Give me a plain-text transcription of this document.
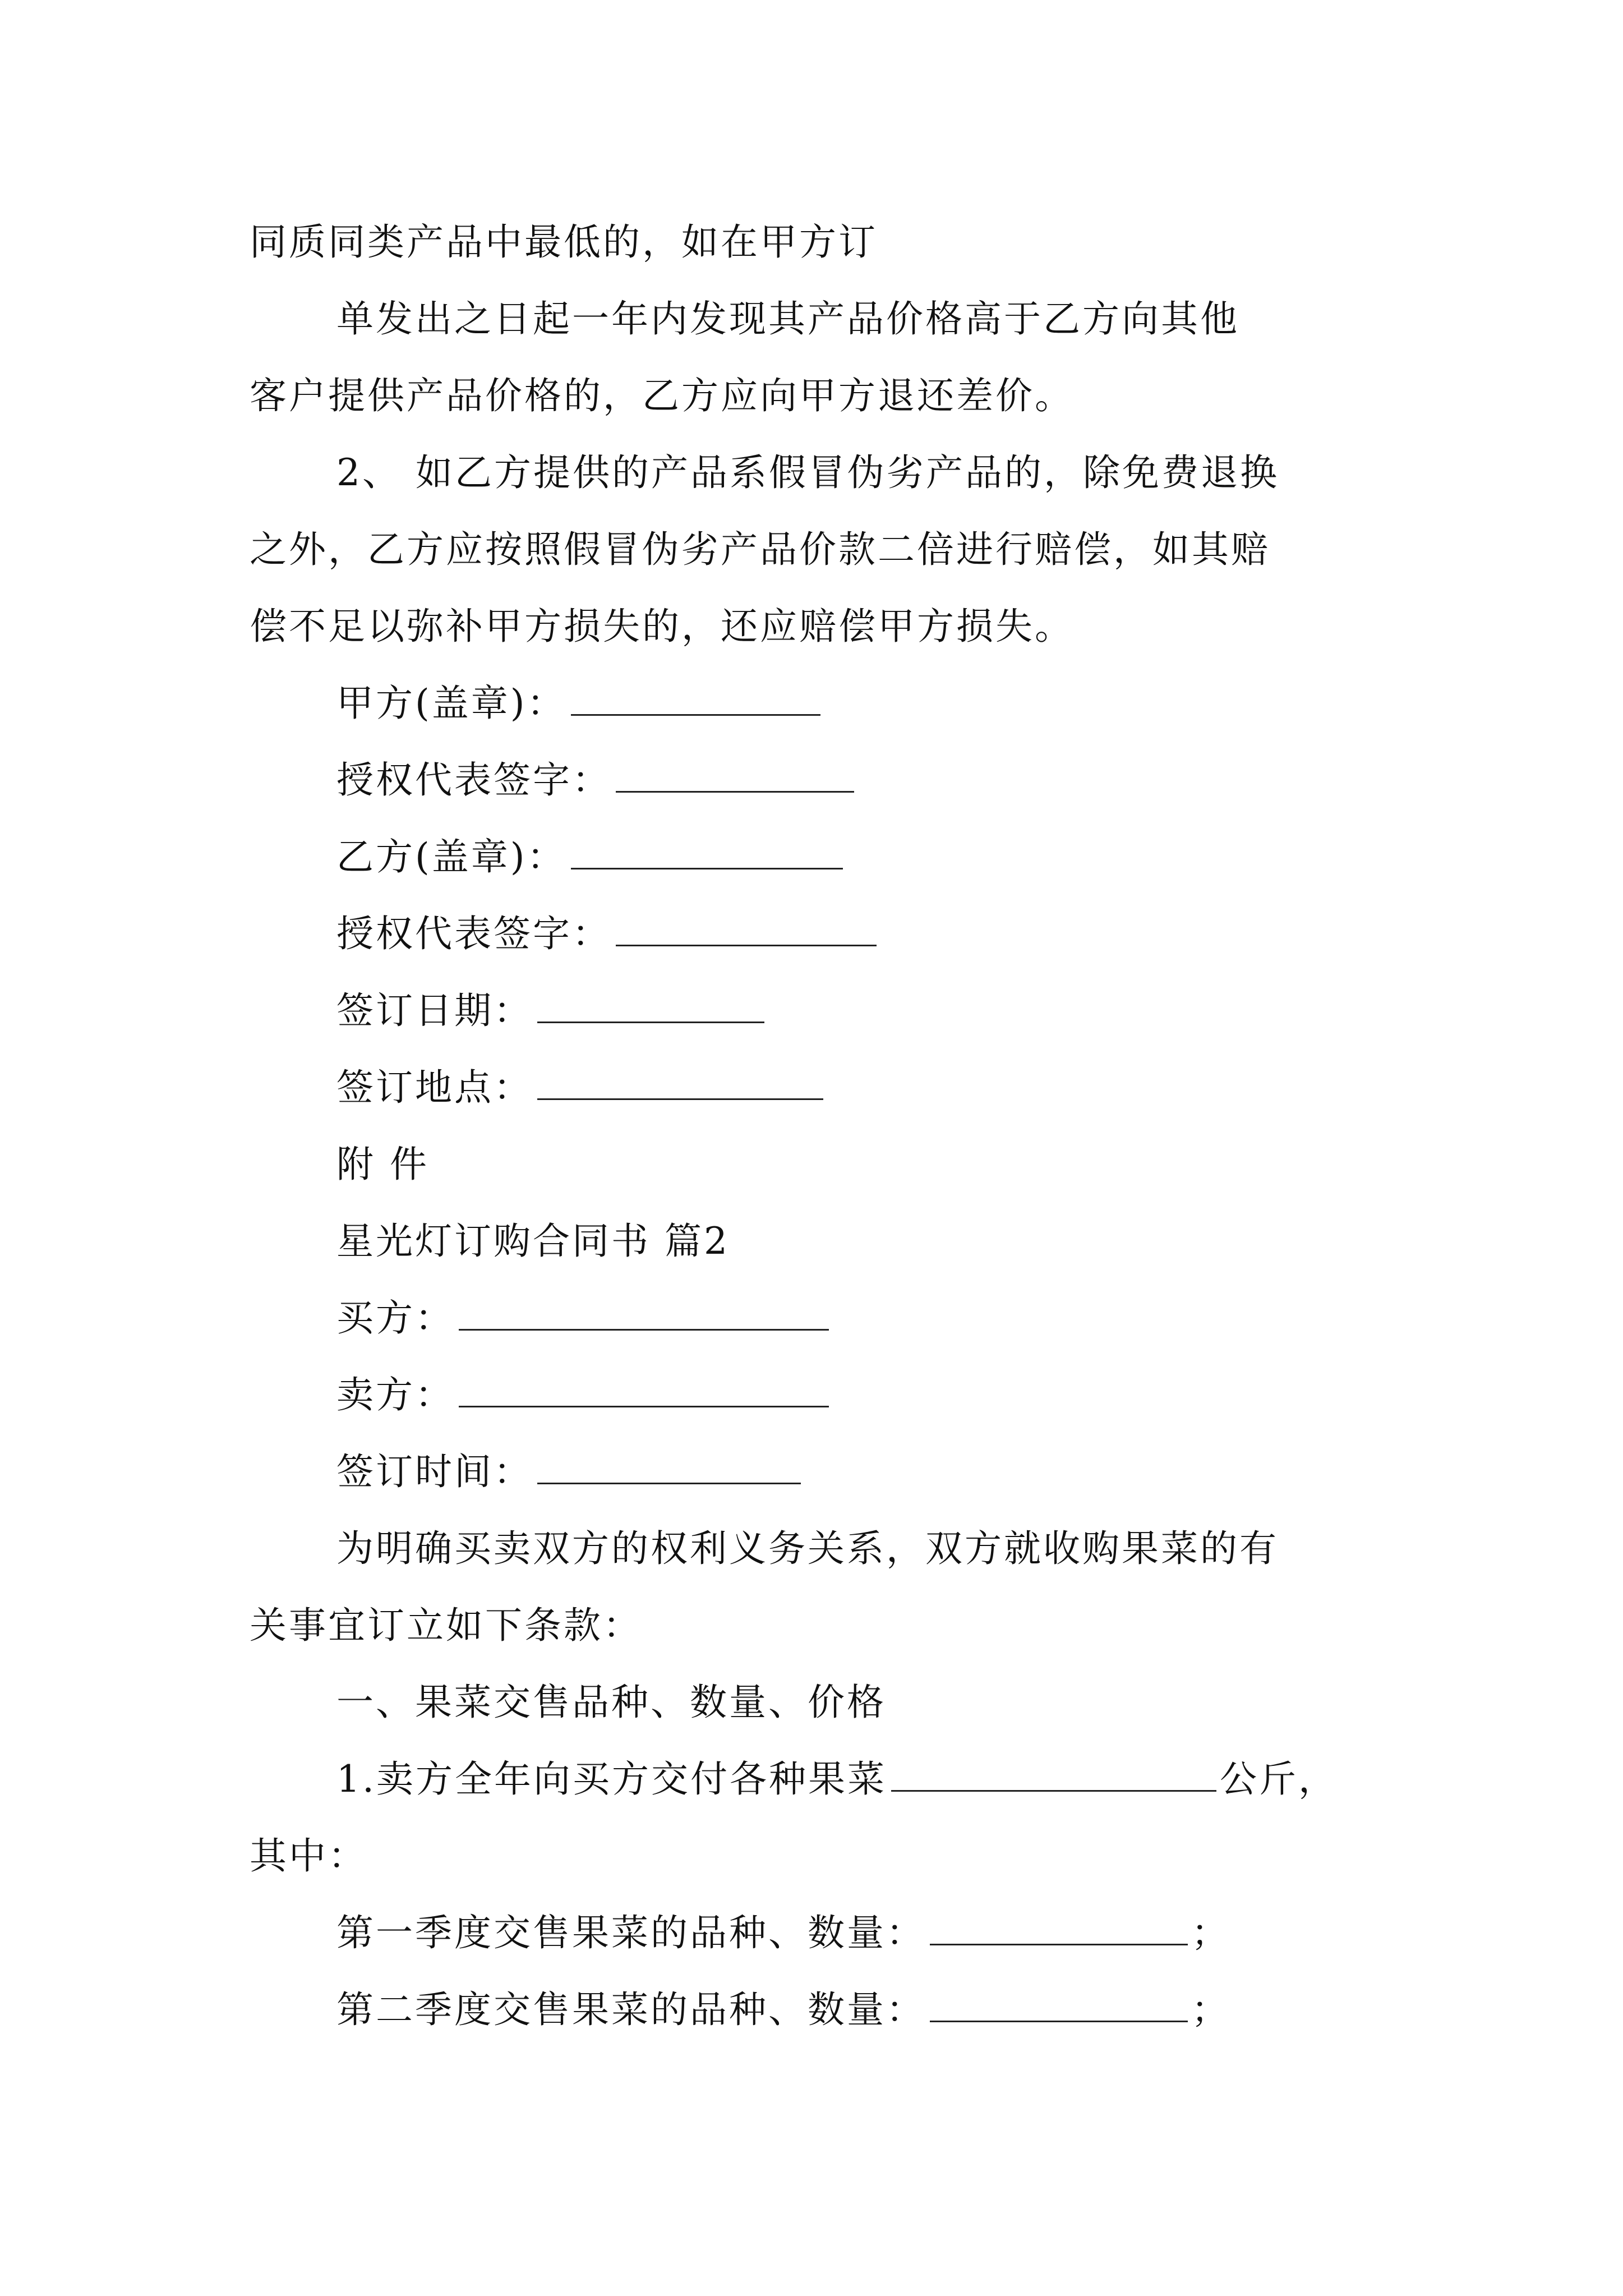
同质同类产品中最低的，如在甲方订
单发出之日起一年内发现其产品价格高于乙方向其他
客户提供产品价格的，乙方应向甲方退还差价。
2、 如乙方提供的产品系假冒伪劣产品的，除免费退换
之外，乙方应按照假冒伪劣产品价款二倍进行赔偿，如其赔
偿不足以弥补甲方损失的，还应赔偿甲方损失。
甲方(盖章)：
授权代表签字：
乙方(盖章)：
授权代表签字：
签订日期：
签订地点：
附 件
星光灯订购合同书 篇2
买方：
卖方：
签订时间：
为明确买卖双方的权利义务关系，双方就收购果菜的有
关事宜订立如下条款：
一、果菜交售品种、数量、价格
1.卖方全年向买方交付各种果菜	公斤，
其中：
第一季度交售果菜的品种、数量：	；
第二季度交售果菜的品种、数量：	；
